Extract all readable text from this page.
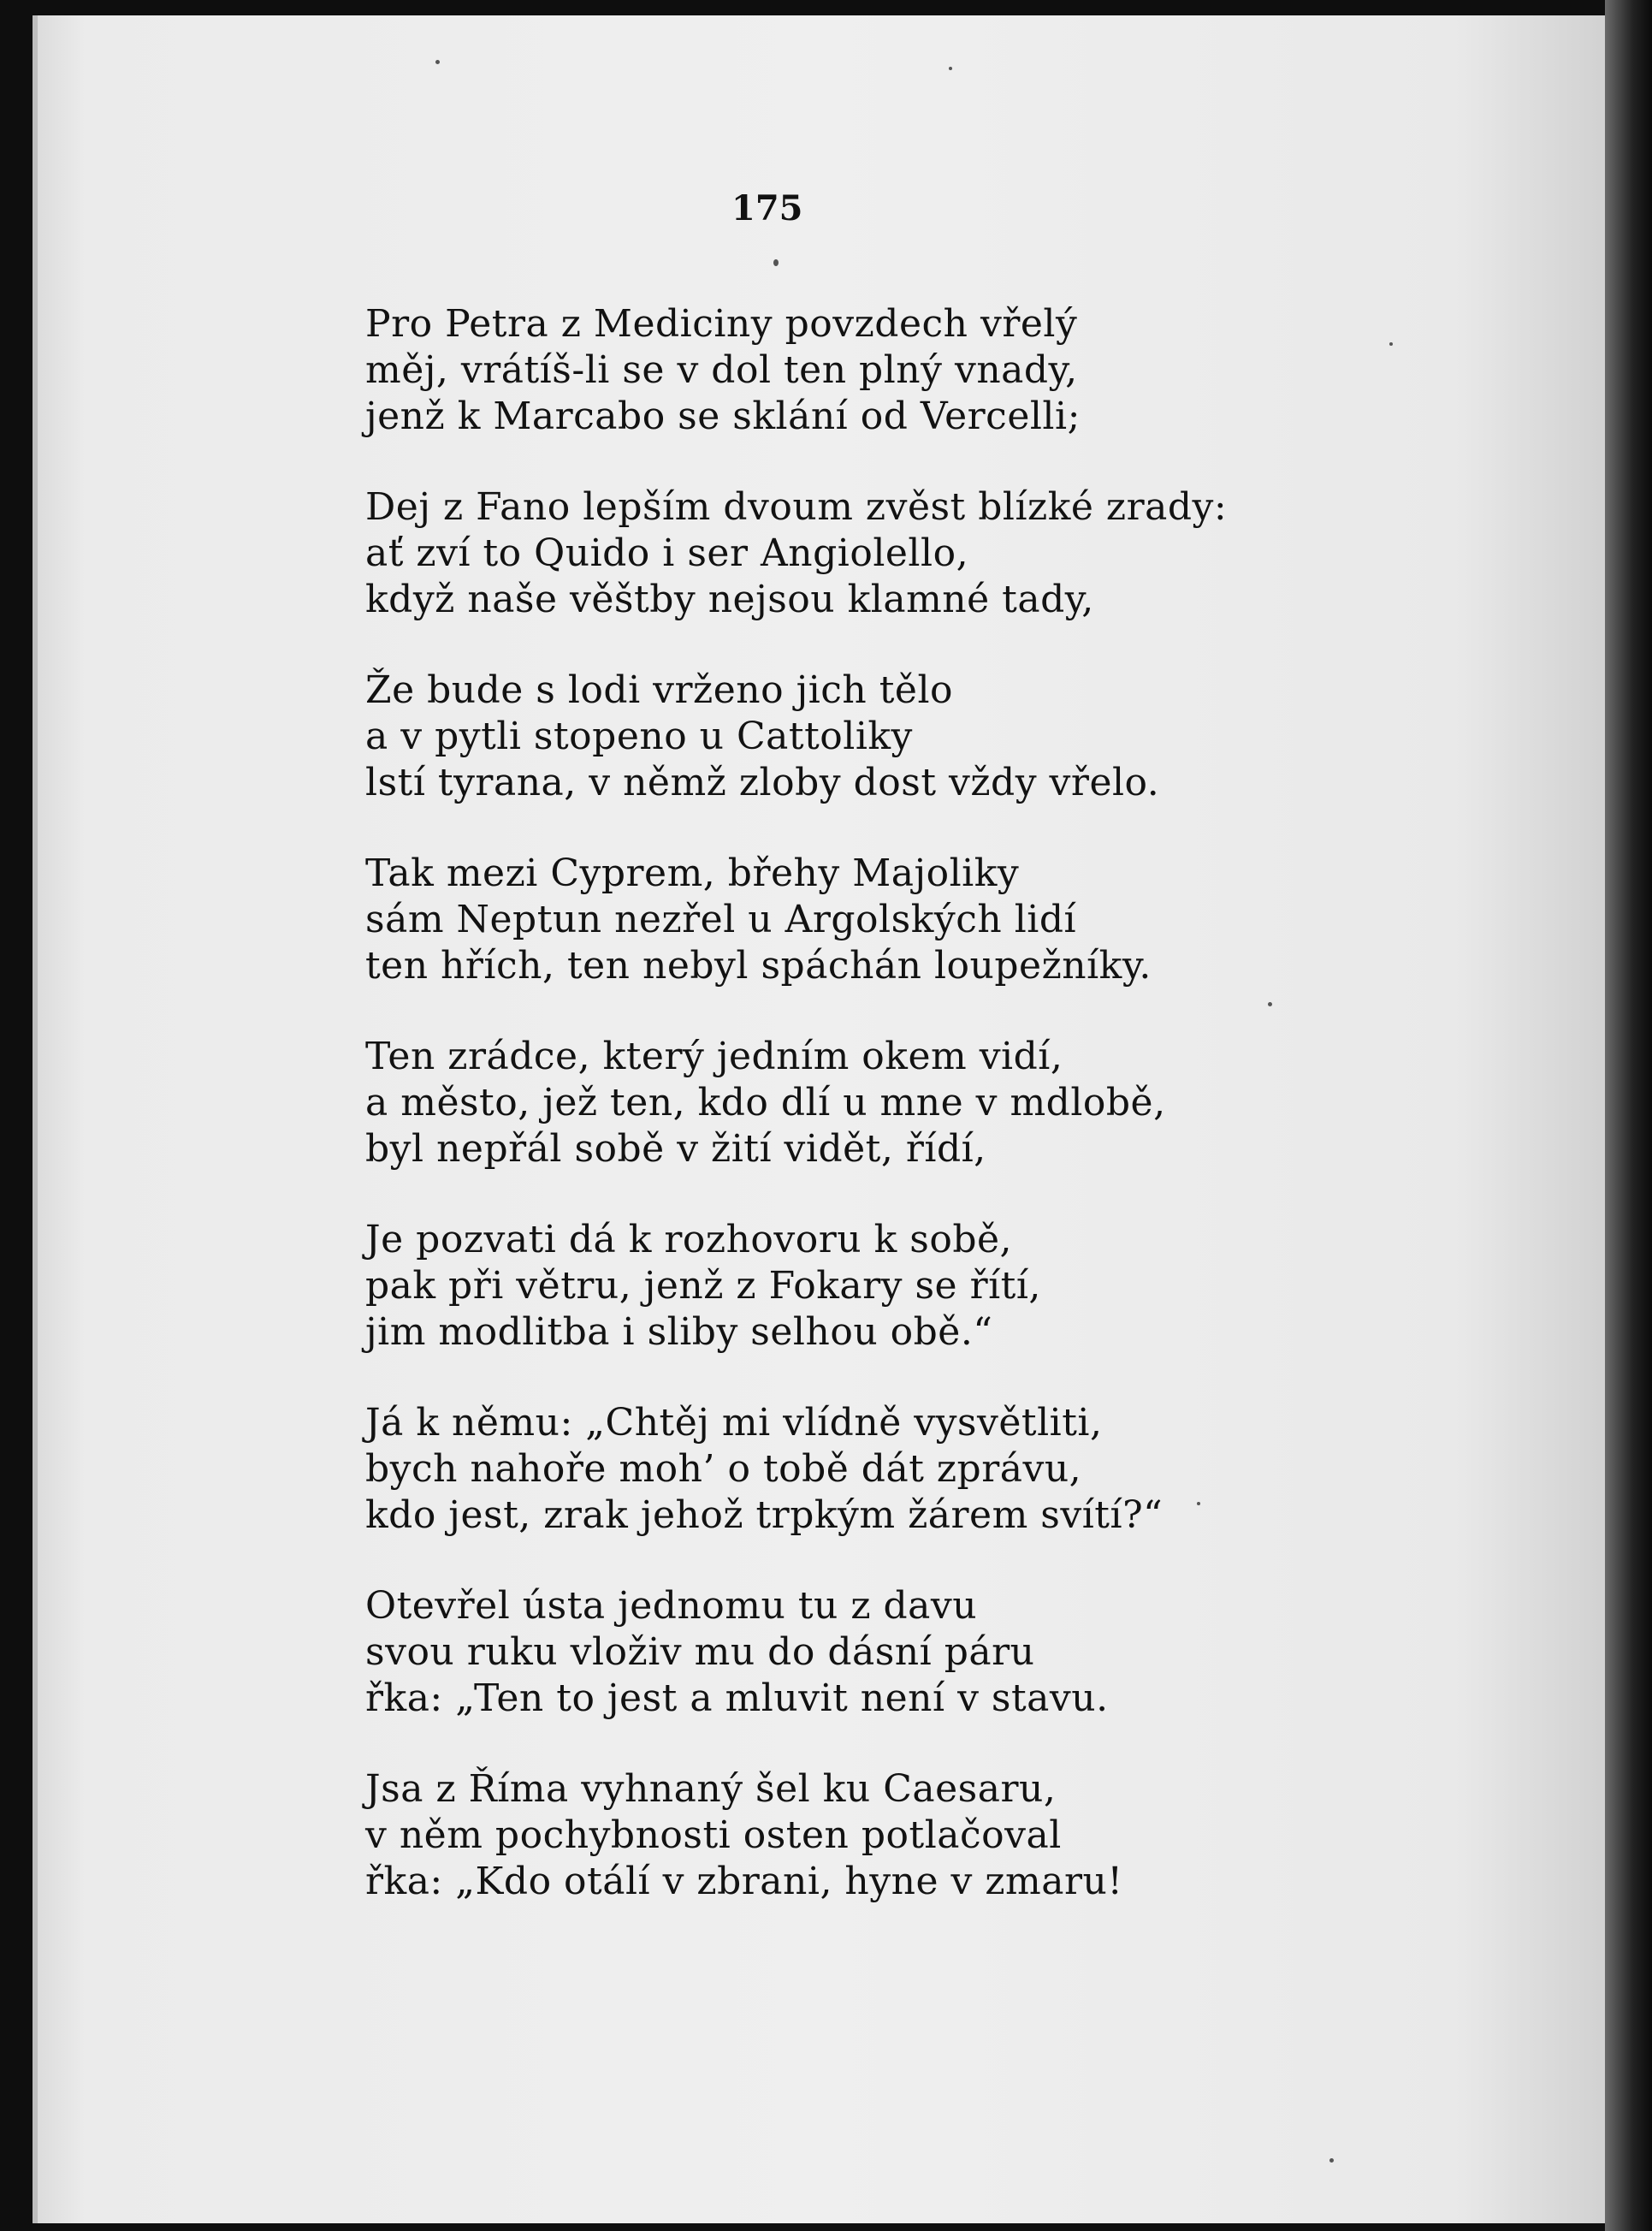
175
Pro Petra z Mediciny povzdech vřelý
měj, vrátíš-li se v dol ten plný vnady,
jenž k Marcabo se sklání od Vercelli;
Dej z Fano lepším dvoum zvěst blízké zrady:
ať zví to Quido i ser Angiolello,
když naše věštby nejsou klamné tady,
Že bude s lodi vrženo jich tělo
a v pytli stopeno u Cattoliky
lstí tyrana, v němž zloby dost vždy vřelo.
Tak mezi Cyprem, břehy Majoliky
sám Neptun nezřel u Argolských lidí
ten hřích, ten nebyl spáchán loupežníky.
Ten zrádce, který jedním okem vidí,
a město, jež ten, kdo dlí u mne v mdlobě,
byl nepřál sobě v žití vidět, řídí,
Je pozvati dá k rozhovoru k sobě,
pak při větru, jenž z Fokary se řítí,
jim modlitba i sliby selhou obě.“
Já k němu: „Chtěj mi vlídně vysvětliti,
bych nahoře moh’ o tobě dát zprávu,
kdo jest, zrak jehož trpkým žárem svítí?“
Otevřel ústa jednomu tu z davu
svou ruku vloživ mu do dásní páru
řka: „Ten to jest a mluvit není v stavu.
Jsa z Říma vyhnaný šel ku Caesaru,
v něm pochybnosti osten potlačoval
řka: „Kdo otálí v zbrani, hyne v zmaru!
